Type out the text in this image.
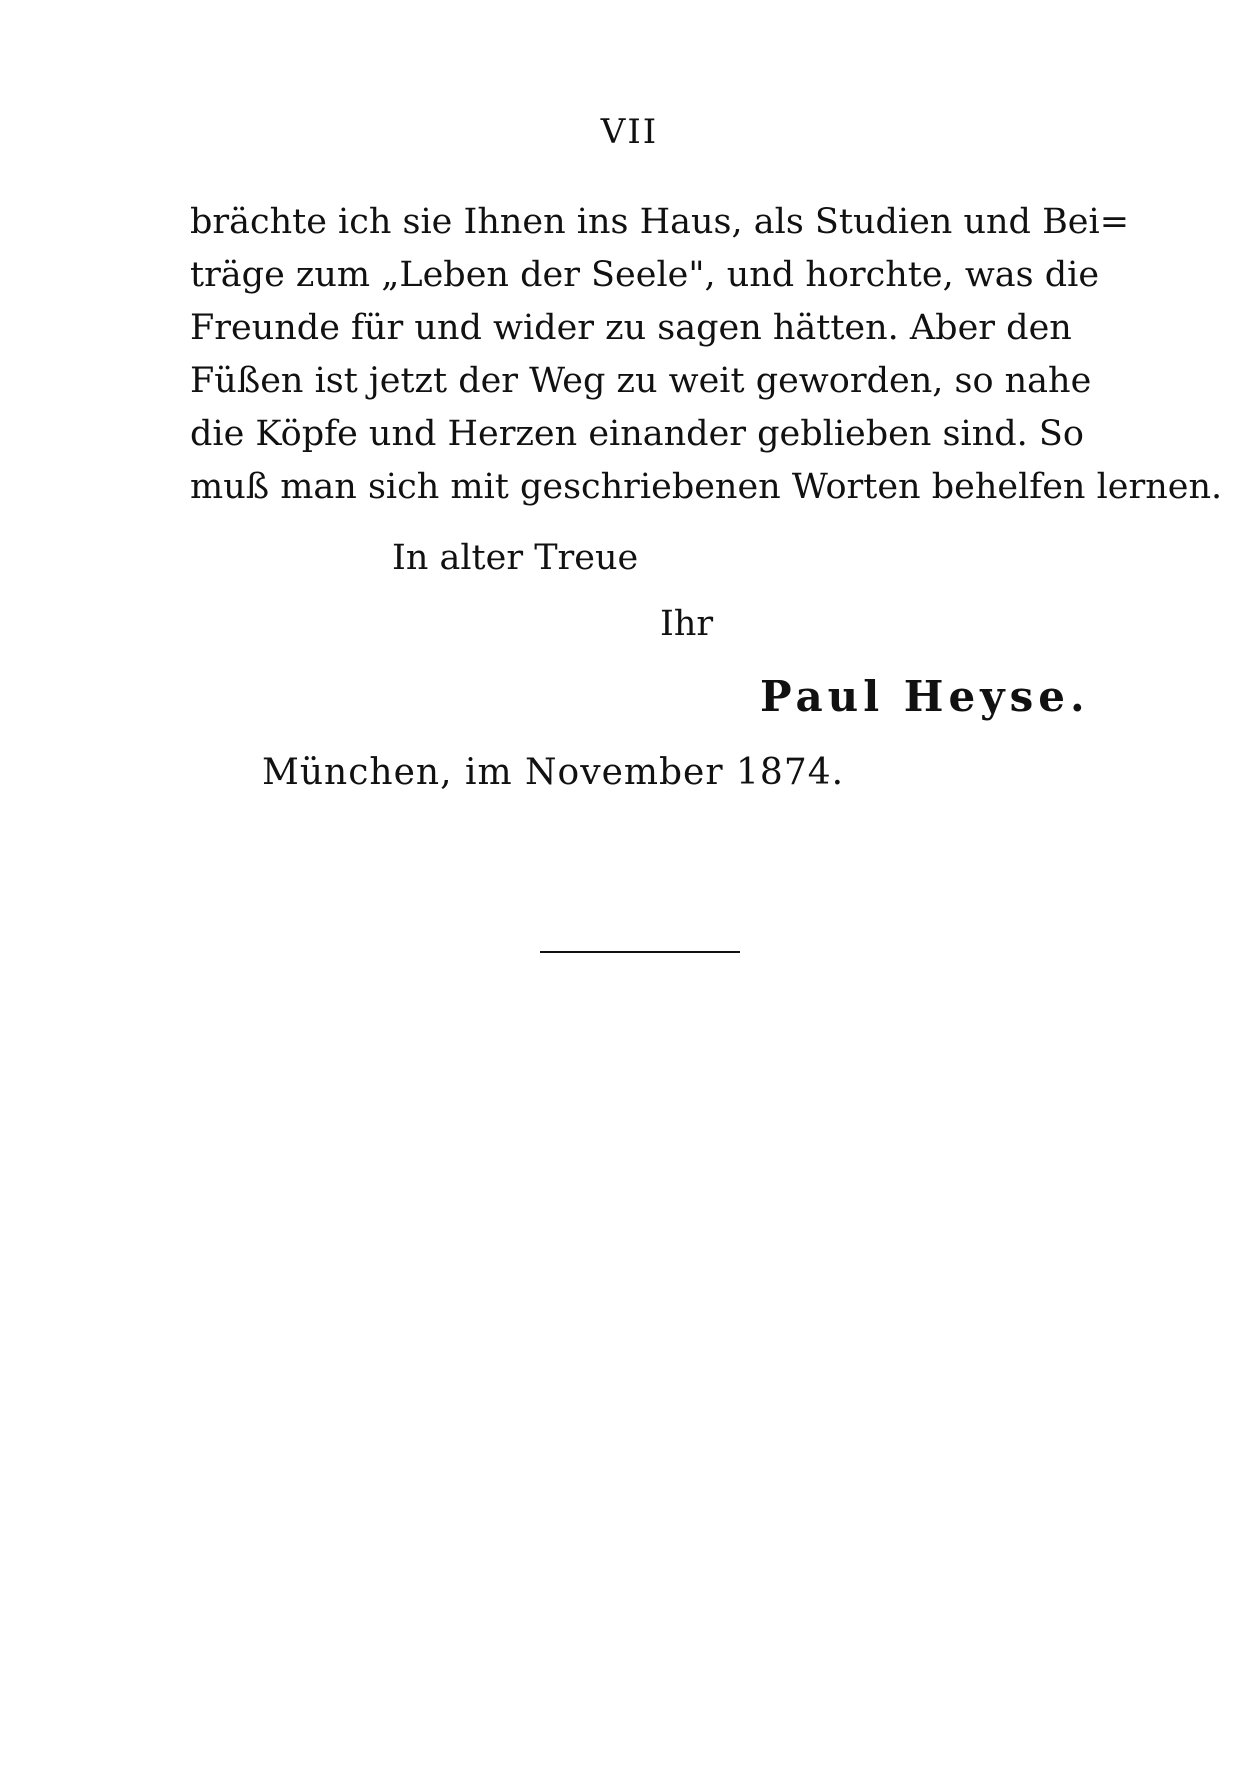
VII
brächte ich sie Ihnen ins Haus, als Studien und Bei=
träge zum „Leben der Seele", und horchte, was die
Freunde für und wider zu sagen hätten. Aber den
Füßen ist jetzt der Weg zu weit geworden, so nahe
die Köpfe und Herzen einander geblieben sind. So
muß man sich mit geschriebenen Worten behelfen lernen.
In alter Treue
Ihr
Paul Heyse.
München, im November 1874.
